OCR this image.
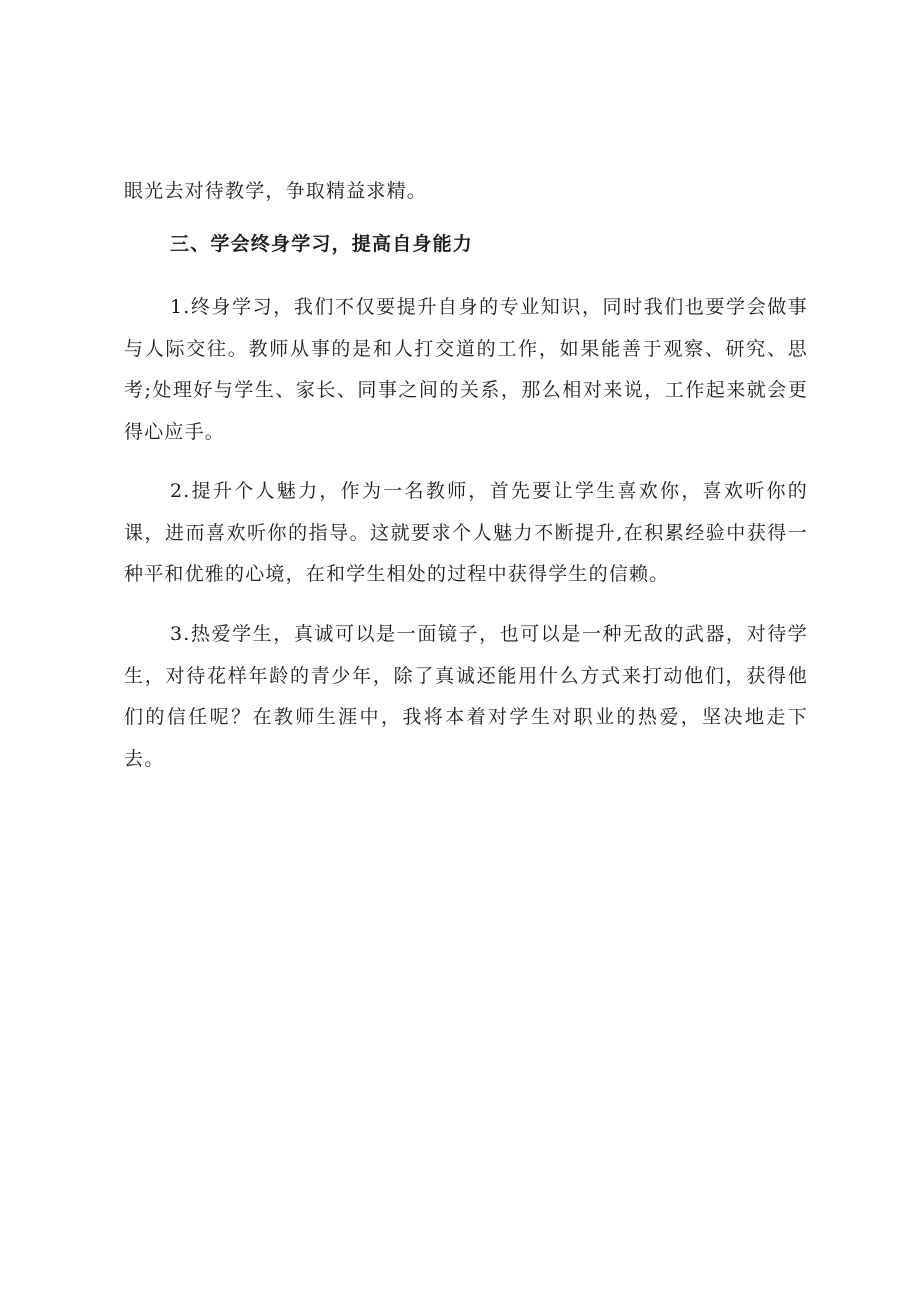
眼光去对待教学，争取精益求精。

三、学会终身学习，提高自身能力

1.终身学习，我们不仅要提升自身的专业知识，同时我们也要学会做事与人际交往。教师从事的是和人打交道的工作，如果能善于观察、研究、思考;处理好与学生、家长、同事之间的关系，那么相对来说，工作起来就会更得心应手。

2.提升个人魅力，作为一名教师，首先要让学生喜欢你，喜欢听你的课，进而喜欢听你的指导。这就要求个人魅力不断提升,在积累经验中获得一种平和优雅的心境，在和学生相处的过程中获得学生的信赖。

3.热爱学生，真诚可以是一面镜子，也可以是一种无敌的武器，对待学生，对待花样年龄的青少年，除了真诚还能用什么方式来打动他们，获得他们的信任呢？在教师生涯中，我将本着对学生对职业的热爱，坚决地走下去。
